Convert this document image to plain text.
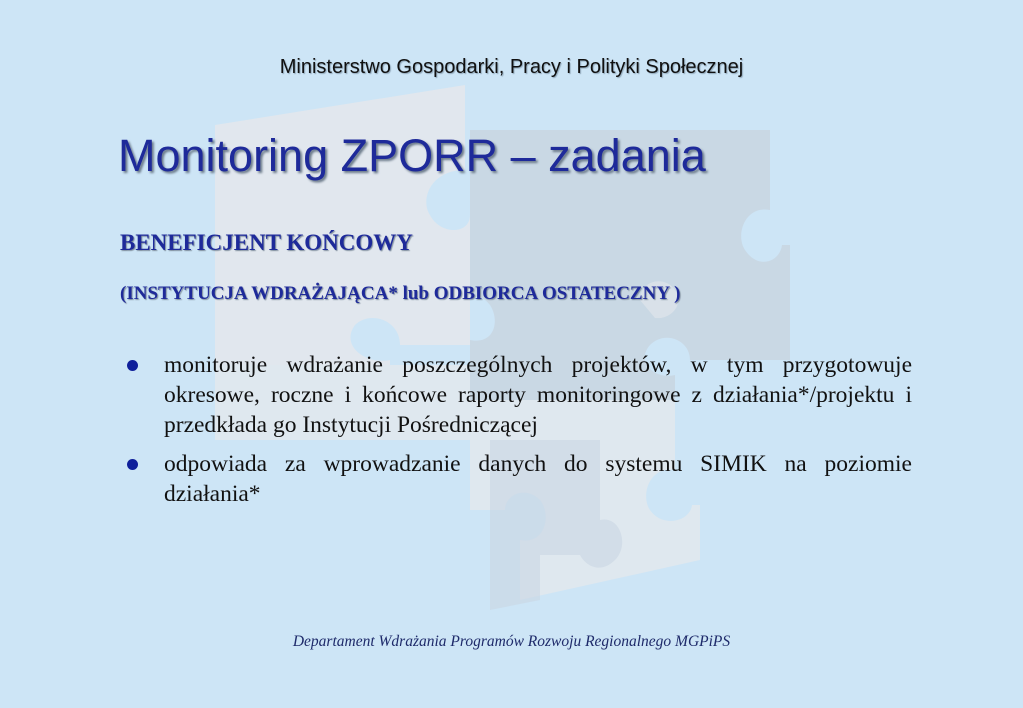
Ministerstwo Gospodarki, Pracy i Polityki Społecznej
Monitoring ZPORR – zadania
BENEFICJENT KOŃCOWY
(INSTYTUCJA WDRAŻAJĄCA* lub ODBIORCA OSTATECZNY )
monitoruje wdrażanie poszczególnych projektów, w tym przygotowuje okresowe, roczne i końcowe raporty monitoringowe z działania*/projektu i przedkłada go Instytucji Pośredniczącej
odpowiada za wprowadzanie danych do systemu SIMIK na poziomie działania*
Departament Wdrażania Programów Rozwoju Regionalnego MGPiPS
